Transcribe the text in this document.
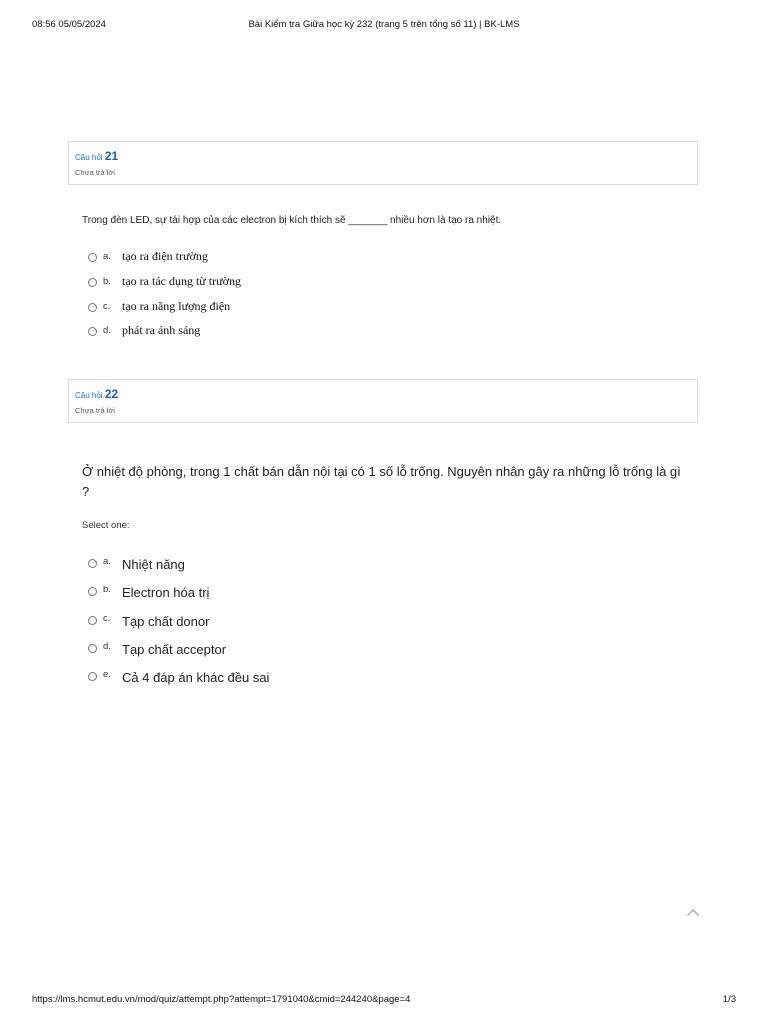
08:56 05/05/2024	Bài Kiểm tra Giữa học kỳ 232 (trang 5 trên tổng số 11) | BK-LMS
Câu hỏi 21
Chưa trả lời
Trong đèn LED, sự tái hợp của các electron bị kích thích sẽ _______ nhiều hơn là tạo ra nhiệt.
a. tạo ra điện trường
b. tạo ra tác dụng từ trường
c. tạo ra năng lượng điện
d. phát ra ánh sáng
Câu hỏi 22
Chưa trả lời
Ở nhiệt độ phòng, trong 1 chất bán dẫn nội tại có 1 số lỗ trống. Nguyên nhân gây ra những lỗ trống là gì ?
Select one:
a. Nhiệt năng
b. Electron hóa trị
c. Tạp chất donor
d. Tạp chất acceptor
e. Cả 4 đáp án khác đều sai
https://lms.hcmut.edu.vn/mod/quiz/attempt.php?attempt=1791040&cmid=244240&page=4	1/3
